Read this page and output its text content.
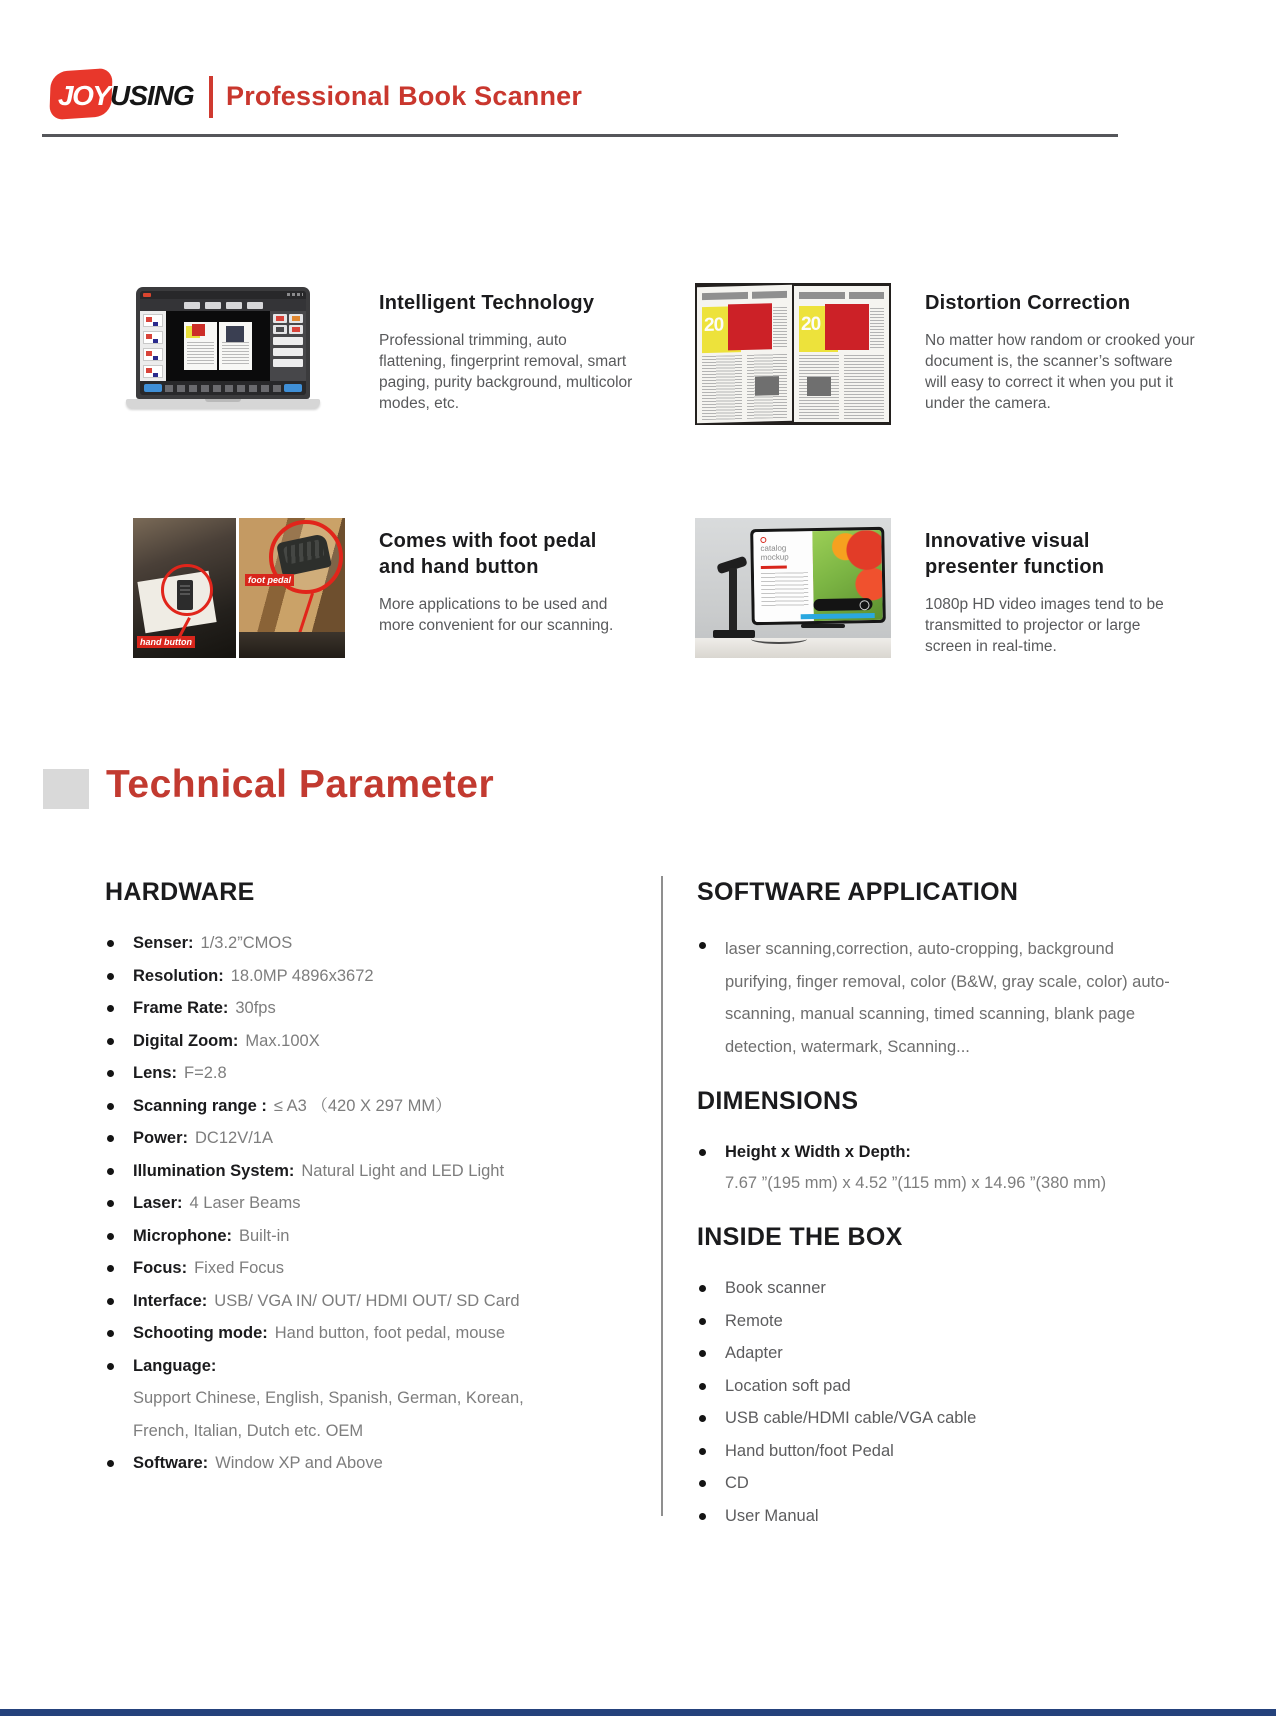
JOY USING Professional Book Scanner
Intelligent Technology
Professional trimming, auto flattening, fingerprint removal, smart paging, purity background, multicolor modes, etc.
20	20
Distortion Correction
No matter how random or crooked your document is, the scanner’s software will easy to correct it when you put it under the camera.
hand button
foot pedal
Comes with foot pedal and hand button
More applications to be used and more convenient for our scanning.
catalog
mockup
Innovative visual presenter function
1080p HD video images tend to be transmitted to projector or large screen in real-time.
Technical Parameter
HARDWARE
Senser: 1/3.2”CMOS
Resolution: 18.0MP 4896x3672
Frame Rate: 30fps
Digital Zoom: Max.100X
Lens: F=2.8
Scanning range : ≤ A3 （420 X 297 MM）
Power: DC12V/1A
Illumination System: Natural Light and LED Light
Laser: 4 Laser Beams
Microphone: Built-in
Focus: Fixed Focus
Interface: USB/ VGA IN/ OUT/ HDMI OUT/ SD Card
Schooting mode: Hand button, foot pedal, mouse
Language:
Support Chinese, English, Spanish, German, Korean,
French, Italian, Dutch etc. OEM
Software: Window XP and Above
SOFTWARE APPLICATION

laser scanning,correction, auto-cropping, background purifying, finger removal, color (B&W, gray scale, color) auto-scanning, manual scanning, timed scanning, blank page detection, watermark, Scanning...

DIMENSIONS
Height x Width x Depth:
7.67 ”(195 mm) x 4.52 ”(115 mm) x 14.96 ”(380 mm)
INSIDE THE BOX
Book scanner
Remote
Adapter
Location soft pad
USB cable/HDMI cable/VGA cable
Hand button/foot Pedal
CD
User Manual
